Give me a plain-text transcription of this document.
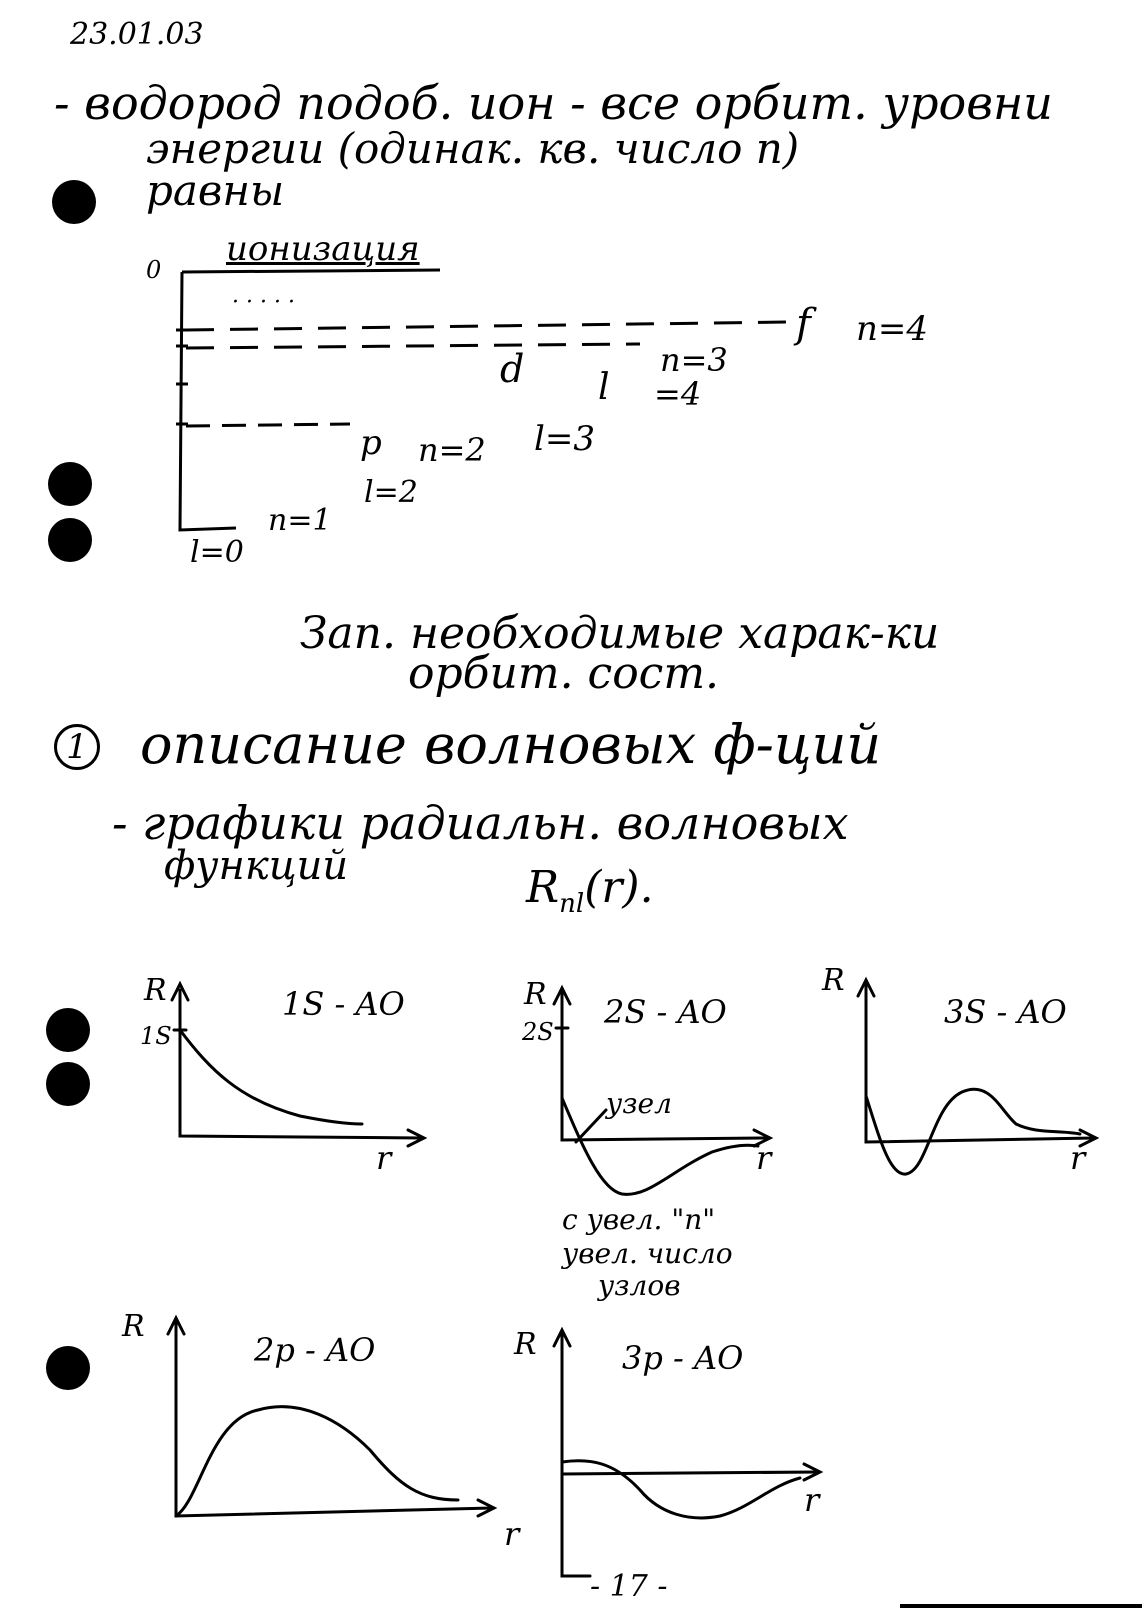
23.01.03
- водород подоб. ион - все орбит. уровни
энергии (одинак. кв. число n)
равны
0
ионизация
· · · · ·	f n=4
d	n=3
l =4
p n=2 l=3
l=2
n=1
l=0
Зап. необходимые харак-ки
орбит. сост.
1 описание волновых ф-ций
- графики радиальн. волновых
функций	$R_{nl}(r)$.
R
1S
1S - AO
r
R
2S
2S - AO
узел
r
R
3S - AO
r
с увел. "n"
увел. число
узлов
R
2p - AO
r
R	3p - AO
r
- 17 -
